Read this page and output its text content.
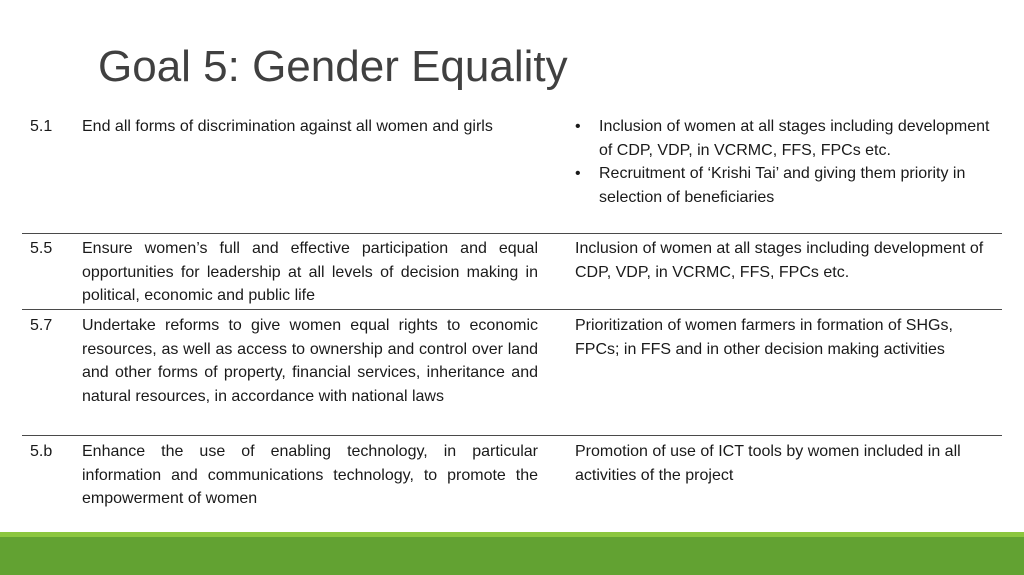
Goal 5: Gender Equality
5.1	End all forms of discrimination against all women and girls
•	Inclusion of women at all stages including development of CDP, VDP, in VCRMC, FFS, FPCs etc.
• Recruitment of ‘Krishi Tai’ and giving them priority in selection of beneficiaries
5.5	Ensure women’s full and effective participation and equal opportunities for leadership at all levels of decision making in political, economic and public life
Inclusion of women at all stages including development of CDP, VDP, in VCRMC, FFS, FPCs etc.
5.7	Undertake reforms to give women equal rights to economic resources, as well as access to ownership and control over land and other forms of property, financial services, inheritance and natural resources, in accordance with national laws
Prioritization of women farmers in formation of SHGs, FPCs; in FFS and in other decision making activities
5.b	Enhance the use of enabling technology, in particular information and communications technology, to promote the empowerment of women
Promotion of use of ICT tools by women included in all activities of the project
